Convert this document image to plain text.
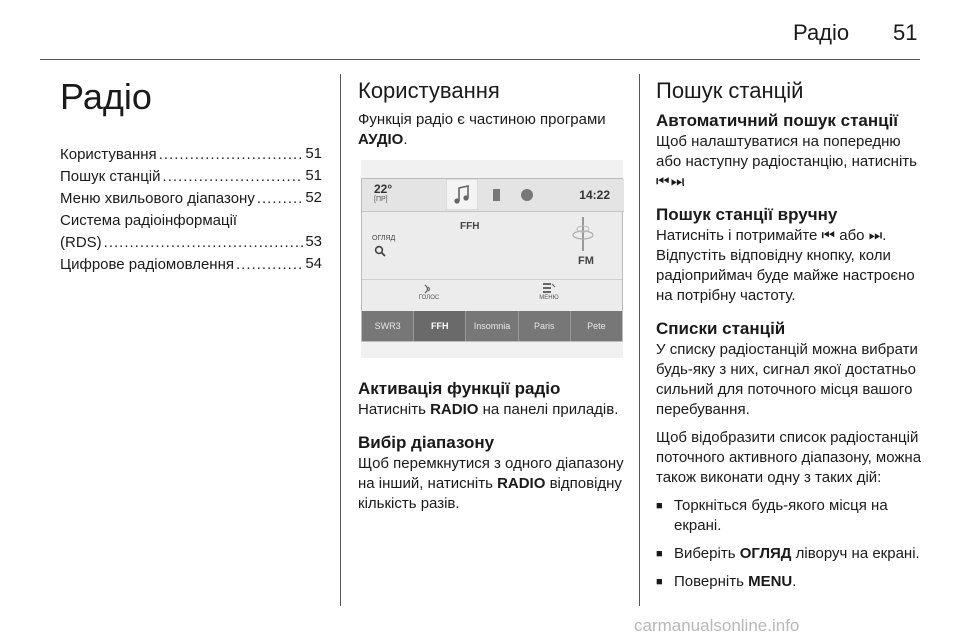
Радіо 51
Радіо
Користування .....	51
Пошук станцій .....	51
Меню хвильового діапазону .....	52
Система радіоінформації
(RDS) .....	53
Цифрове радіомовлення .....	54
Користування

Функція радіо є частиною програми АУДІО.

22°
[ПР]	14:22
FFH
ОГЛЯД
FM
ГОЛОС	МЕНЮ
SWR3	FFH	Insomnia	Paris	Pete
Активація функції радіо

Натисніть RADIO на панелі приладів.

Вибір діапазону

Щоб перемкнутися з одного діапазону на інший, натисніть RADIO відповідну кількість разів.

Пошук станцій
Автоматичний пошук станції

Щоб налаштуватися на попередню або наступну радіостанцію, натисніть ⏮ ⏭.

Пошук станції вручну

Натисніть і потримайте ⏮ або ⏭. Відпустіть відповідну кнопку, коли радіоприймач буде майже настроєно на потрібну частоту.

Списки станцій

У списку радіостанцій можна вибрати будь-яку з них, сигнал якої достатньо сильний для поточного місця вашого перебування.

Щоб відобразити список радіостанцій поточного активного діапазону, можна також виконати одну з таких дій:

■ Торкніться будь-якого місця на екрані.
■ Виберіть ОГЛЯД ліворуч на екрані.
■ Поверніть MENU.
carmanualsonline.info
